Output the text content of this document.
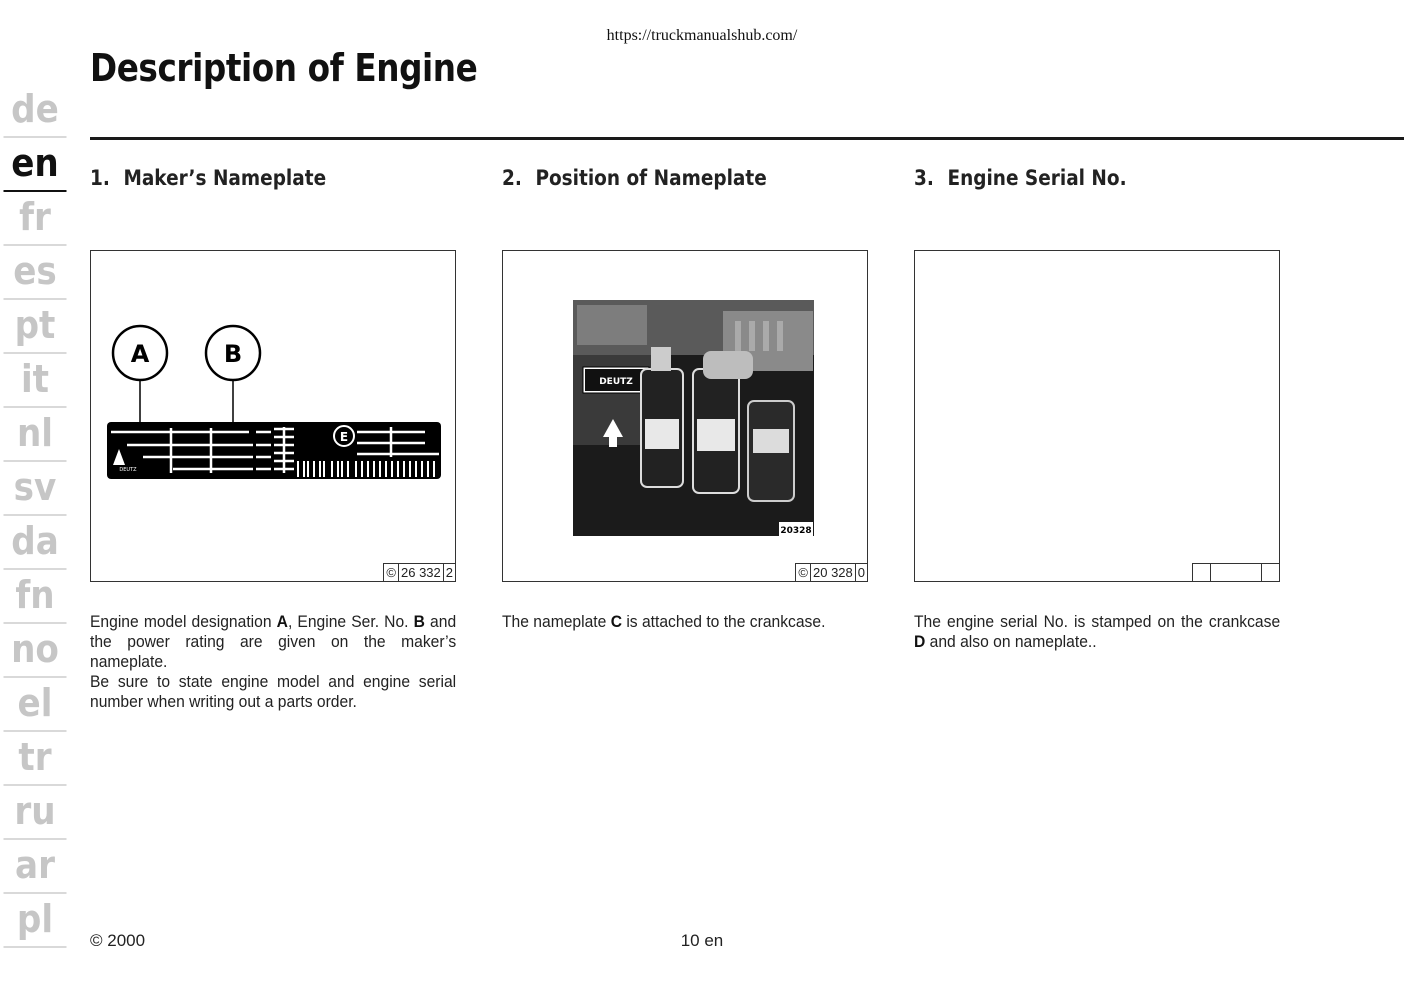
https://truckmanualshub.com/
Description of Engine
de
en
fr
es
pt
it
nl
sv
da
fn
no
el
tr
ru
ar
pl
1. Maker’s Nameplate
A	B
E
DEUTZ
© 26 332 2

Engine model designation A, Engine Ser. No. B and the power rating are given on the maker’s nameplate.
Be sure to state engine model and engine serial number when writing out a parts order.

2. Position of Nameplate
DEUTZ
20328
© 20 328 0

The nameplate C is attached to the crankcase.

3. Engine Serial No.

The engine serial No. is stamped on the crankcase D and also on nameplate..

© 2000	10 en
